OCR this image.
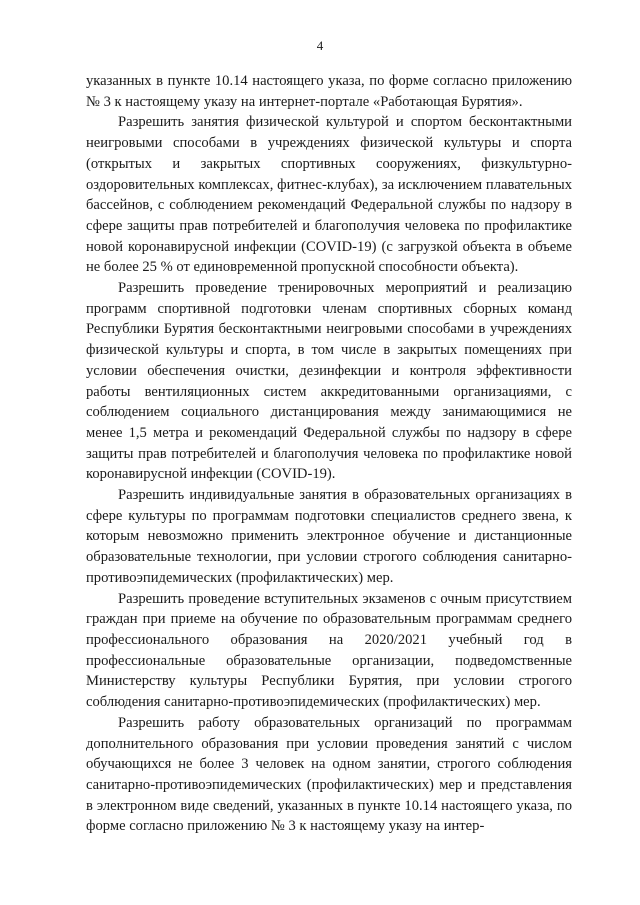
4

указанных в пункте 10.14 настоящего указа, по форме согласно приложению № 3 к настоящему указу на интернет-портале «Работающая Бурятия».

Разрешить занятия физической культурой и спортом бесконтактными неигровыми способами в учреждениях физической культуры и спорта (открытых и закрытых спортивных сооружениях, физкультурно-оздоровительных комплексах, фитнес-клубах), за исключением плавательных бассейнов, с соблюдением рекомендаций Федеральной службы по надзору в сфере защиты прав потребителей и благополучия человека по профилактике новой коронавирусной инфекции (COVID-19) (с загрузкой объекта в объеме не более 25 % от единовременной пропускной способности объекта).

Разрешить проведение тренировочных мероприятий и реализацию программ спортивной подготовки членам спортивных сборных команд Республики Бурятия бесконтактными неигровыми способами в учреждениях физической культуры и спорта, в том числе в закрытых помещениях при условии обеспечения очистки, дезинфекции и контроля эффективности работы вентиляционных систем аккредитованными организациями, с соблюдением социального дистанцирования между занимающимися не менее 1,5 метра и рекомендаций Федеральной службы по надзору в сфере защиты прав потребителей и благополучия человека по профилактике новой коронавирусной инфекции (COVID-19).

Разрешить индивидуальные занятия в образовательных организациях в сфере культуры по программам подготовки специалистов среднего звена, к которым невозможно применить электронное обучение и дистанционные образовательные технологии, при условии строгого соблюдения санитарно-противоэпидемических (профилактических) мер.

Разрешить проведение вступительных экзаменов с очным присутствием граждан при приеме на обучение по образовательным программам среднего профессионального образования на 2020/2021 учебный год в профессиональные образовательные организации, подведомственные Министерству культуры Республики Бурятия, при условии строгого соблюдения санитарно-противоэпидемических (профилактических) мер.

Разрешить работу образовательных организаций по программам дополнительного образования при условии проведения занятий с числом обучающихся не более 3 человек на одном занятии, строгого соблюдения санитарно-противоэпидемических (профилактических) мер и представления в электронном виде сведений, указанных в пункте 10.14 настоящего указа, по форме согласно приложению № 3 к настоящему указу на интер-
